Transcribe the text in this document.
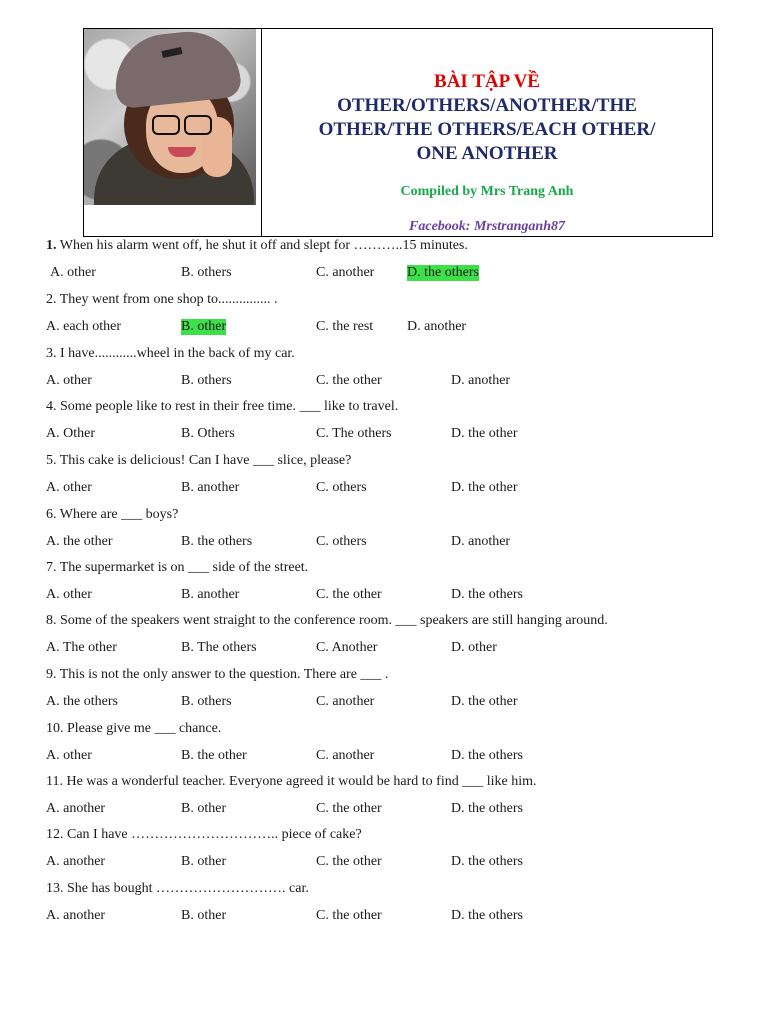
BÀI TẬP VỀ
OTHER/OTHERS/ANOTHER/THE
OTHER/THE OTHERS/EACH OTHER/
ONE ANOTHER
Compiled by Mrs Trang Anh
Facebook: Mrstranganh87
1. When his alarm went off, he shut it off and slept for ………..15 minutes.
A. other	B. others	C. another D. the others
2. They went from one shop to............... .
A. each other	B. other	C. the rest D. another
3. I have............wheel in the back of my car.
A. other	B. others	C. the other	D. another
4. Some people like to rest in their free time. ___ like to travel.
A. Other	B. Others	C. The others	D. the other
5. This cake is delicious! Can I have ___ slice, please?
A. other	B. another	C. others	D. the other
6. Where are ___ boys?
A. the other	B. the others	C. others	D. another
7. The supermarket is on ___ side of the street.
A. other	B. another	C. the other	D. the others
8. Some of the speakers went straight to the conference room. ___ speakers are still hanging around.
A. The other	B. The others	C. Another	D. other
9. This is not the only answer to the question. There are ___ .
A. the others	B. others	C. another	D. the other
10. Please give me ___ chance.
A. other	B. the other	C. another	D. the others
11. He was a wonderful teacher. Everyone agreed it would be hard to find ___ like him.
A. another	B. other	C. the other	D. the others
12. Can I have ………………………….. piece of cake?
A. another	B. other	C. the other	D. the others
13. She has bought ………………………. car.
A. another	B. other	C. the other	D. the others
